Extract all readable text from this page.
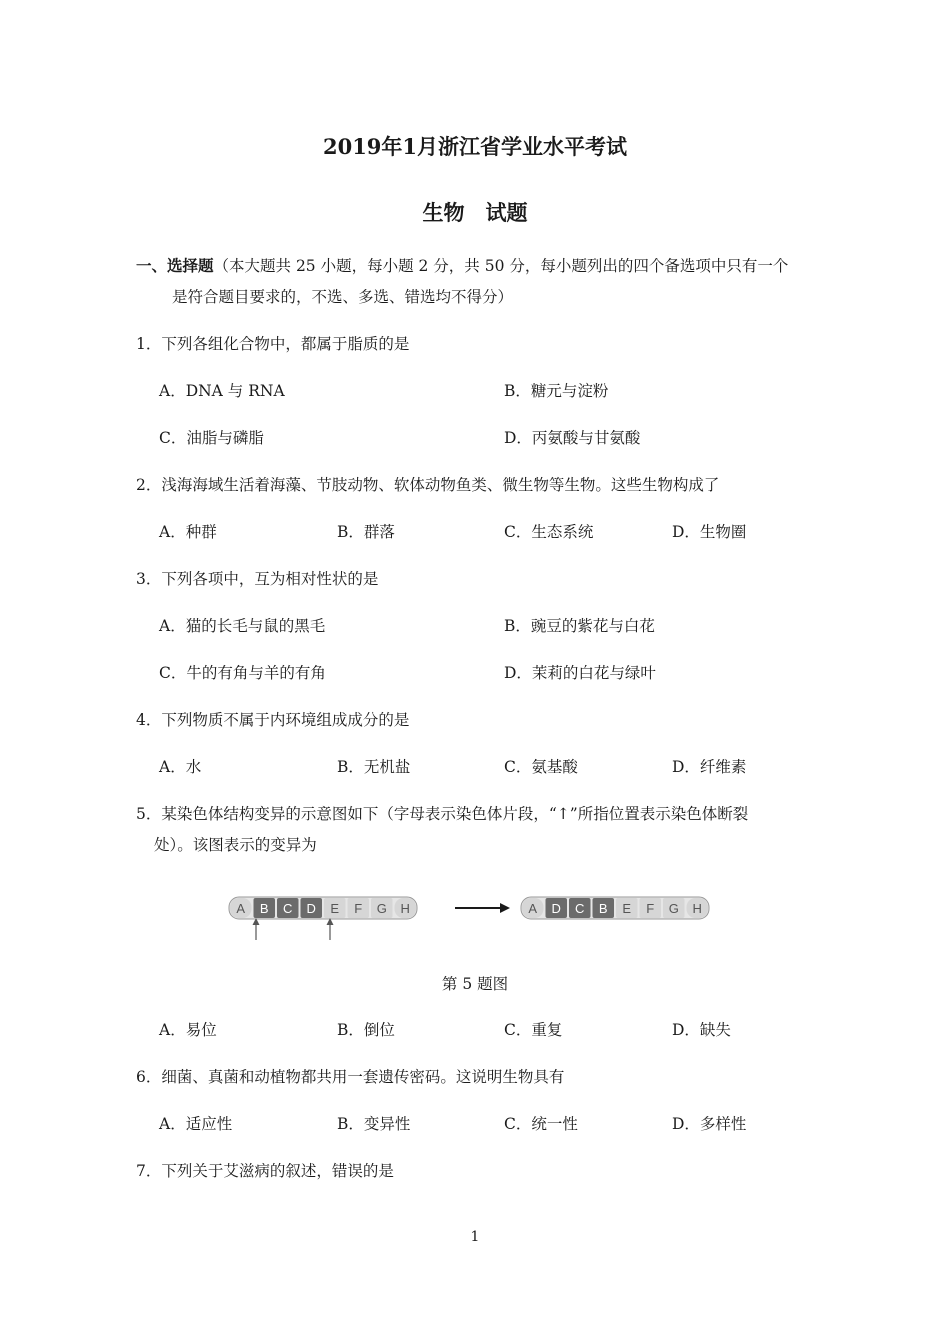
2019年1月浙江省学业水平考试
生物　试题
一、选择题（本大题共 25 小题，每小题 2 分，共 50 分，每小题列出的四个备选项中只有一个
是符合题目要求的，不选、多选、错选均不得分）
1．下列各组化合物中，都属于脂质的是
A．DNA 与 RNA	B．糖元与淀粉
C．油脂与磷脂	D．丙氨酸与甘氨酸
2．浅海海域生活着海藻、节肢动物、软体动物鱼类、微生物等生物。这些生物构成了
A．种群	B．群落	C．生态系统	D．生物圈
3．下列各项中，互为相对性状的是
A．猫的长毛与鼠的黑毛	B．豌豆的紫花与白花
C．牛的有角与羊的有角	D．茉莉的白花与绿叶
4．下列物质不属于内环境组成成分的是
A．水	B．无机盐	C．氨基酸	D．纤维素
5．某染色体结构变异的示意图如下（字母表示染色体片段，“↑”所指位置表示染色体断裂
处）。该图表示的变异为
A B C D E F G H	A D C B E F G H
第 5 题图
A．易位	B．倒位	C．重复	D．缺失
6．细菌、真菌和动植物都共用一套遗传密码。这说明生物具有
A．适应性	B．变异性	C．统一性	D．多样性
7．下列关于艾滋病的叙述，错误的是
1
